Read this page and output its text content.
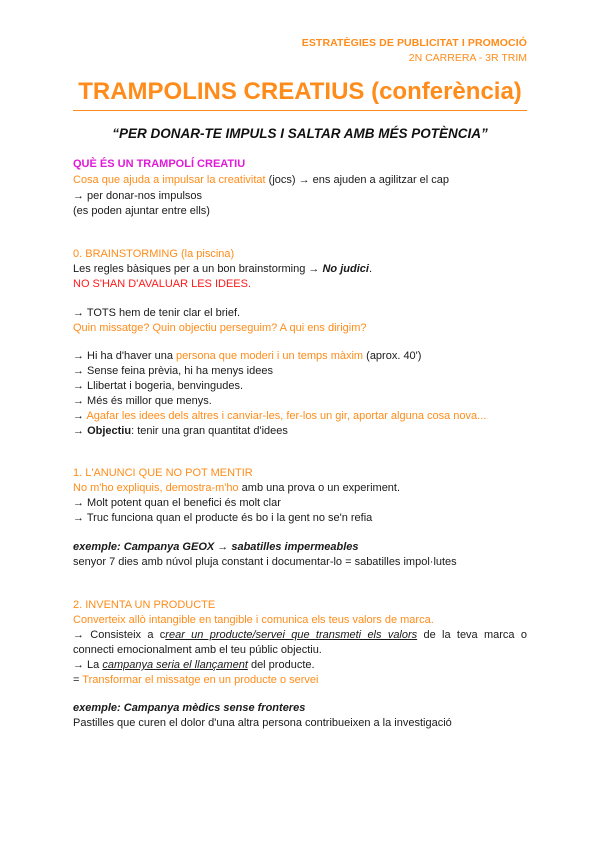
ESTRATÈGIES DE PUBLICITAT I PROMOCIÓ
2N CARRERA - 3R TRIM
TRAMPOLINS CREATIUS (conferència)
“PER DONAR-TE IMPULS I SALTAR AMB MÉS POTÈNCIA”
QUÈ ÉS UN TRAMPOLÍ CREATIU
Cosa que ajuda a impulsar la creativitat (jocs) → ens ajuden a agilitzar el cap
→ per donar-nos impulsos
(es poden ajuntar entre ells)
0. BRAINSTORMING (la piscina)
Les regles bàsiques per a un bon brainstorming → No judici.
NO S'HAN D'AVALUAR LES IDEES.
→ TOTS hem de tenir clar el brief.
Quin missatge? Quin objectiu perseguim? A qui ens dirigim?
→ Hi ha d'haver una persona que moderi i un temps màxim (aprox. 40')
→ Sense feina prèvia, hi ha menys idees
→ Llibertat i bogeria, benvingudes.
→ Més és millor que menys.
→ Agafar les idees dels altres i canviar-les, fer-los un gir, aportar alguna cosa nova...
→ Objectiu: tenir una gran quantitat d'idees
1. L'ANUNCI QUE NO POT MENTIR
No m'ho expliquis, demostra-m'ho amb una prova o un experiment.
→ Molt potent quan el benefici és molt clar
→ Truc funciona quan el producte és bo i la gent no se'n refia
exemple: Campanya GEOX → sabatilles impermeables
senyor 7 dies amb núvol pluja constant i documentar-lo = sabatilles impol·lutes
2. INVENTA UN PRODUCTE
Converteix allò intangible en tangible i comunica els teus valors de marca.
→ Consisteix a crear un producte/servei que transmeti els valors de la teva marca o
connecti emocionalment amb el teu públic objectiu.
→ La campanya seria el llançament del producte.
= Transformar el missatge en un producte o servei
exemple: Campanya mèdics sense fronteres
Pastilles que curen el dolor d'una altra persona contribueixen a la investigació
